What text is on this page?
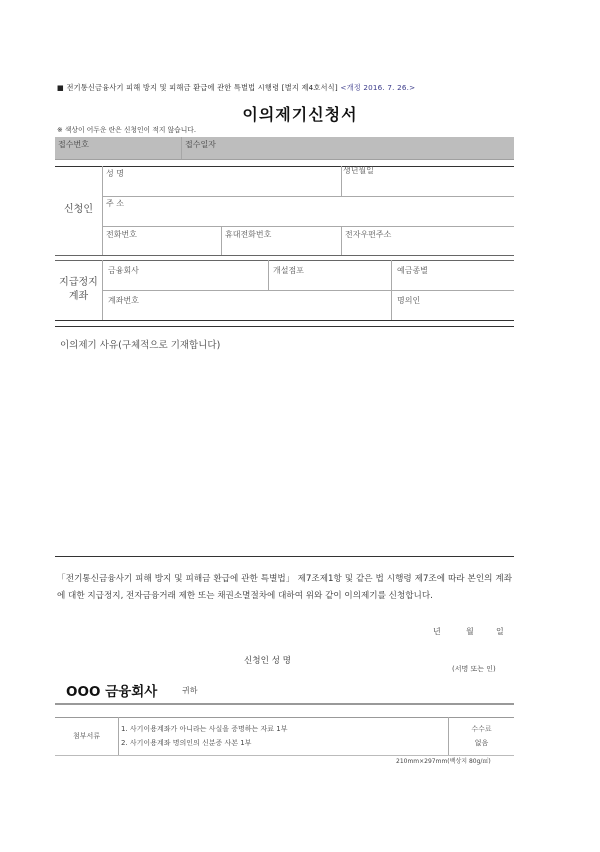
■ 전기통신금융사기 피해 방지 및 피해금 환급에 관한 특별법 시행령 [별지 제4호서식] <개정 2016. 7. 26.>
이의제기신청서
※ 색상이 어두운 란은 신청인이 적지 않습니다.
접수번호	접수일자
신청인
성 명	생년월일
주 소
전화번호	휴대전화번호	전자우편주소
지급정지
계좌
금융회사	개설점포	예금종별
계좌번호	명의인
이의제기 사유(구체적으로 기재합니다)
「전기통신금융사기 피해 방지 및 피해금 환급에 관한 특별법」 제7조제1항 및 같은 법 시행령 제7조에 따라 본인의 계좌에 대한 지급정지, 전자금융거래 제한 또는 채권소멸절차에 대하여 위와 같이 이의제기를 신청합니다.
년	월	일
신청인 성 명
(서명 또는 인)
OOO 금융회사	귀하
첨부서류
1. 사기이용계좌가 아니라는 사실을 증명하는 자료 1부
2. 사기이용계좌 명의인의 신분증 사본 1부
수수료
없음
210mm×297mm(백상지 80g/㎡)
